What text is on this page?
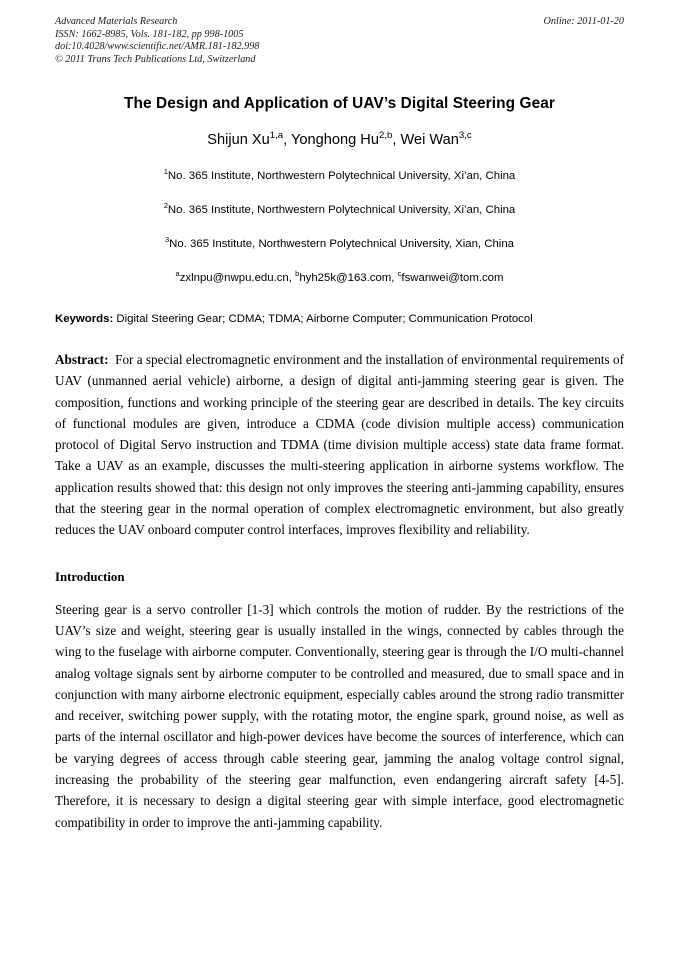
Advanced Materials Research
ISSN: 1662-8985, Vols. 181-182, pp 998-1005
doi:10.4028/www.scientific.net/AMR.181-182.998
© 2011 Trans Tech Publications Ltd, Switzerland
Online: 2011-01-20
The Design and Application of UAV’s Digital Steering Gear
Shijun Xu$^{1,a}$, Yonghong Hu$^{2,b}$, Wei Wan$^{3,c}$
$^1$No. 365 Institute, Northwestern Polytechnical University, Xi’an, China
$^2$No. 365 Institute, Northwestern Polytechnical University, Xi’an, China
$^3$No. 365 Institute, Northwestern Polytechnical University, Xian, China
$^a$zxlnpu@nwpu.edu.cn, $^b$hyh25k@163.com, $^c$fswanwei@tom.com
Keywords: Digital Steering Gear; CDMA; TDMA; Airborne Computer; Communication Protocol
Abstract: For a special electromagnetic environment and the installation of environmental requirements of UAV (unmanned aerial vehicle) airborne, a design of digital anti-jamming steering gear is given. The composition, functions and working principle of the steering gear are described in details. The key circuits of functional modules are given, introduce a CDMA (code division multiple access) communication protocol of Digital Servo instruction and TDMA (time division multiple access) state data frame format. Take a UAV as an example, discusses the multi-steering application in airborne systems workflow. The application results showed that: this design not only improves the steering anti-jamming capability, ensures that the steering gear in the normal operation of complex electromagnetic environment, but also greatly reduces the UAV onboard computer control interfaces, improves flexibility and reliability.
Introduction
Steering gear is a servo controller [1-3] which controls the motion of rudder. By the restrictions of the UAV’s size and weight, steering gear is usually installed in the wings, connected by cables through the wing to the fuselage with airborne computer. Conventionally, steering gear is through the I/O multi-channel analog voltage signals sent by airborne computer to be controlled and measured, due to small space and in conjunction with many airborne electronic equipment, especially cables around the strong radio transmitter and receiver, switching power supply, with the rotating motor, the engine spark, ground noise, as well as parts of the internal oscillator and high-power devices have become the sources of interference, which can be varying degrees of access through cable steering gear, jamming the analog voltage control signal, increasing the probability of the steering gear malfunction, even endangering aircraft safety [4-5]. Therefore, it is necessary to design a digital steering gear with simple interface, good electromagnetic compatibility in order to improve the anti-jamming capability.
